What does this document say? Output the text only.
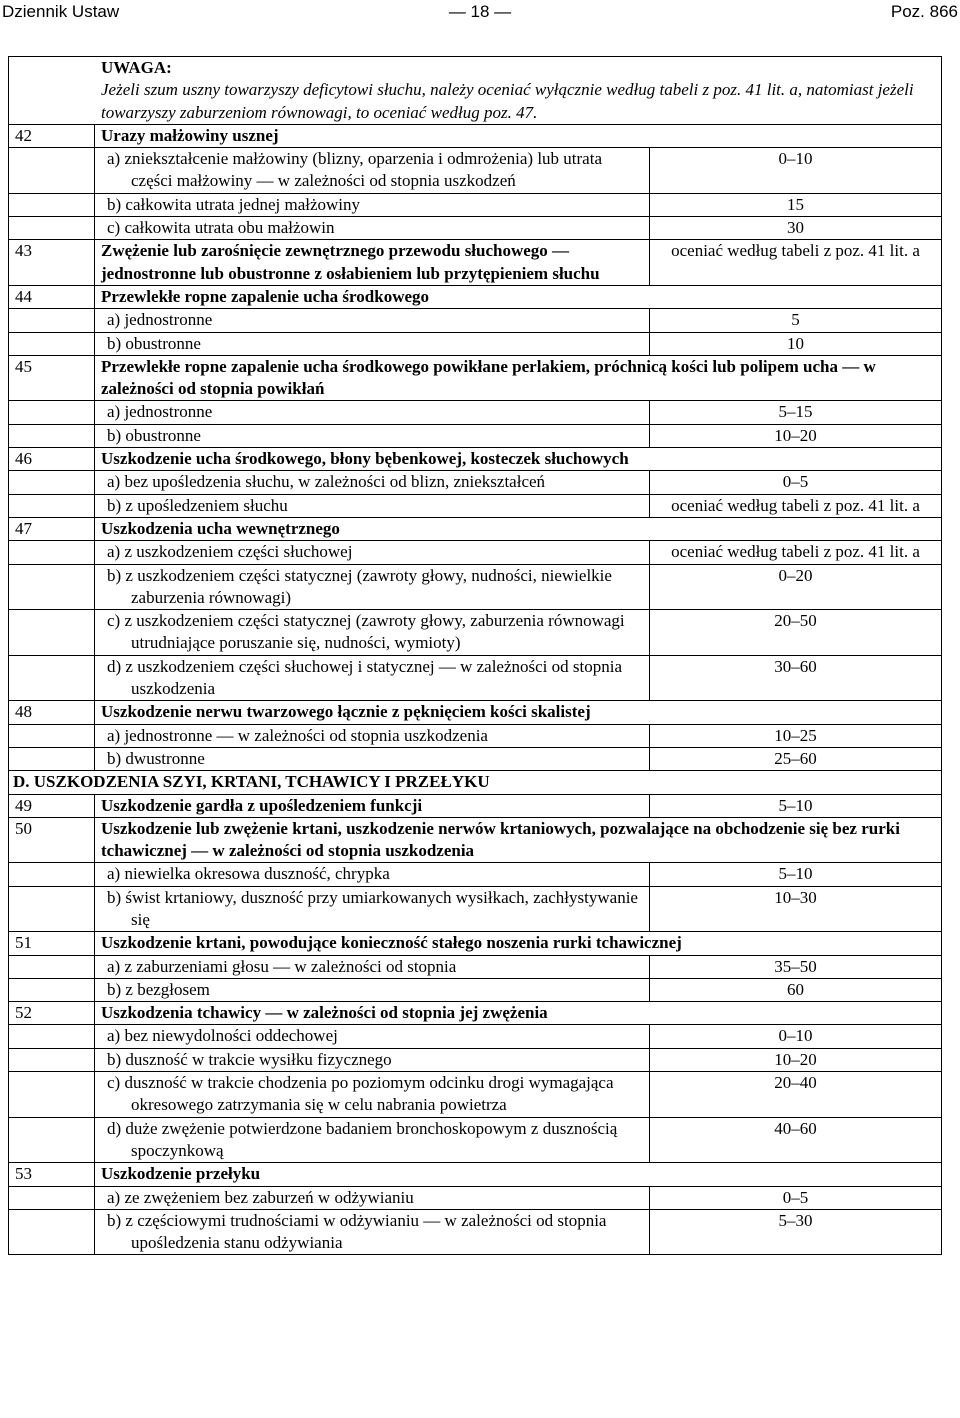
Dziennik Ustaw	— 18 —	Poz. 866
UWAGA:
Jeżeli szum uszny towarzyszy deficytowi słuchu, należy oceniać wyłącznie według tabeli z poz. 41 lit. a, natomiast jeżeli towarzyszy zaburzeniom równowagi, to oceniać według poz. 47.		

42	Urazy małżowiny usznej	

	a) zniekształcenie małżowiny (blizny, oparzenia i odmrożenia) lub utrata części małżowiny — w zależności od stopnia uszkodzeń	0–10

	b) całkowita utrata jednej małżowiny	15

	c) całkowita utrata obu małżowin	30
43	Zwężenie lub zarośnięcie zewnętrznego przewodu słuchowego — jednostronne lub obustronne z osłabieniem lub przytępieniem słuchu	oceniać według tabeli z poz. 41 lit. a
44	Przewlekłe ropne zapalenie ucha środkowego	

	a) jednostronne	5

	b) obustronne	10
45	Przewlekłe ropne zapalenie ucha środkowego powikłane perlakiem, próchnicą kości lub polipem ucha — w zależności od stopnia powikłań	

	a) jednostronne	5–15

	b) obustronne	10–20
46	Uszkodzenie ucha środkowego, błony bębenkowej, kosteczek słuchowych	

	a) bez upośledzenia słuchu, w zależności od blizn, zniekształceń	0–5

	b) z upośledzeniem słuchu	oceniać według tabeli z poz. 41 lit. a
47	Uszkodzenia ucha wewnętrznego	

	a) z uszkodzeniem części słuchowej	oceniać według tabeli z poz. 41 lit. a

	b) z uszkodzeniem części statycznej (zawroty głowy, nudności, niewielkie zaburzenia równowagi)	0–20

	c) z uszkodzeniem części statycznej (zawroty głowy, zaburzenia równowagi utrudniające poruszanie się, nudności, wymioty)	20–50

	d) z uszkodzeniem części słuchowej i statycznej — w zależności od stopnia uszkodzenia	30–60
48	Uszkodzenie nerwu twarzowego łącznie z pęknięciem kości skalistej	

	a) jednostronne — w zależności od stopnia uszkodzenia	10–25

	b) dwustronne	25–60
D. USZKODZENIA SZYI, KRTANI, TCHAWICY I PRZEŁYKU		
49	Uszkodzenie gardła z upośledzeniem funkcji	5–10
50	Uszkodzenie lub zwężenie krtani, uszkodzenie nerwów krtaniowych, pozwalające na obchodzenie się bez rurki tchawicznej — w zależności od stopnia uszkodzenia	

	a) niewielka okresowa duszność, chrypka	5–10

	b) świst krtaniowy, duszność przy umiarkowanych wysiłkach, zachłystywanie się	10–30
51	Uszkodzenie krtani, powodujące konieczność stałego noszenia rurki tchawicznej	

	a) z zaburzeniami głosu — w zależności od stopnia	35–50

	b) z bezgłosem	60
52	Uszkodzenia tchawicy — w zależności od stopnia jej zwężenia	

	a) bez niewydolności oddechowej	0–10

	b) duszność w trakcie wysiłku fizycznego	10–20

	c) duszność w trakcie chodzenia po poziomym odcinku drogi wymagająca okresowego zatrzymania się w celu nabrania powietrza	20–40

	d) duże zwężenie potwierdzone badaniem bronchoskopowym z dusznością spoczynkową	40–60
53	Uszkodzenie przełyku	

	a) ze zwężeniem bez zaburzeń w odżywianiu	0–5

	b) z częściowymi trudnościami w odżywianiu — w zależności od stopnia upośledzenia stanu odżywiania	5–30
